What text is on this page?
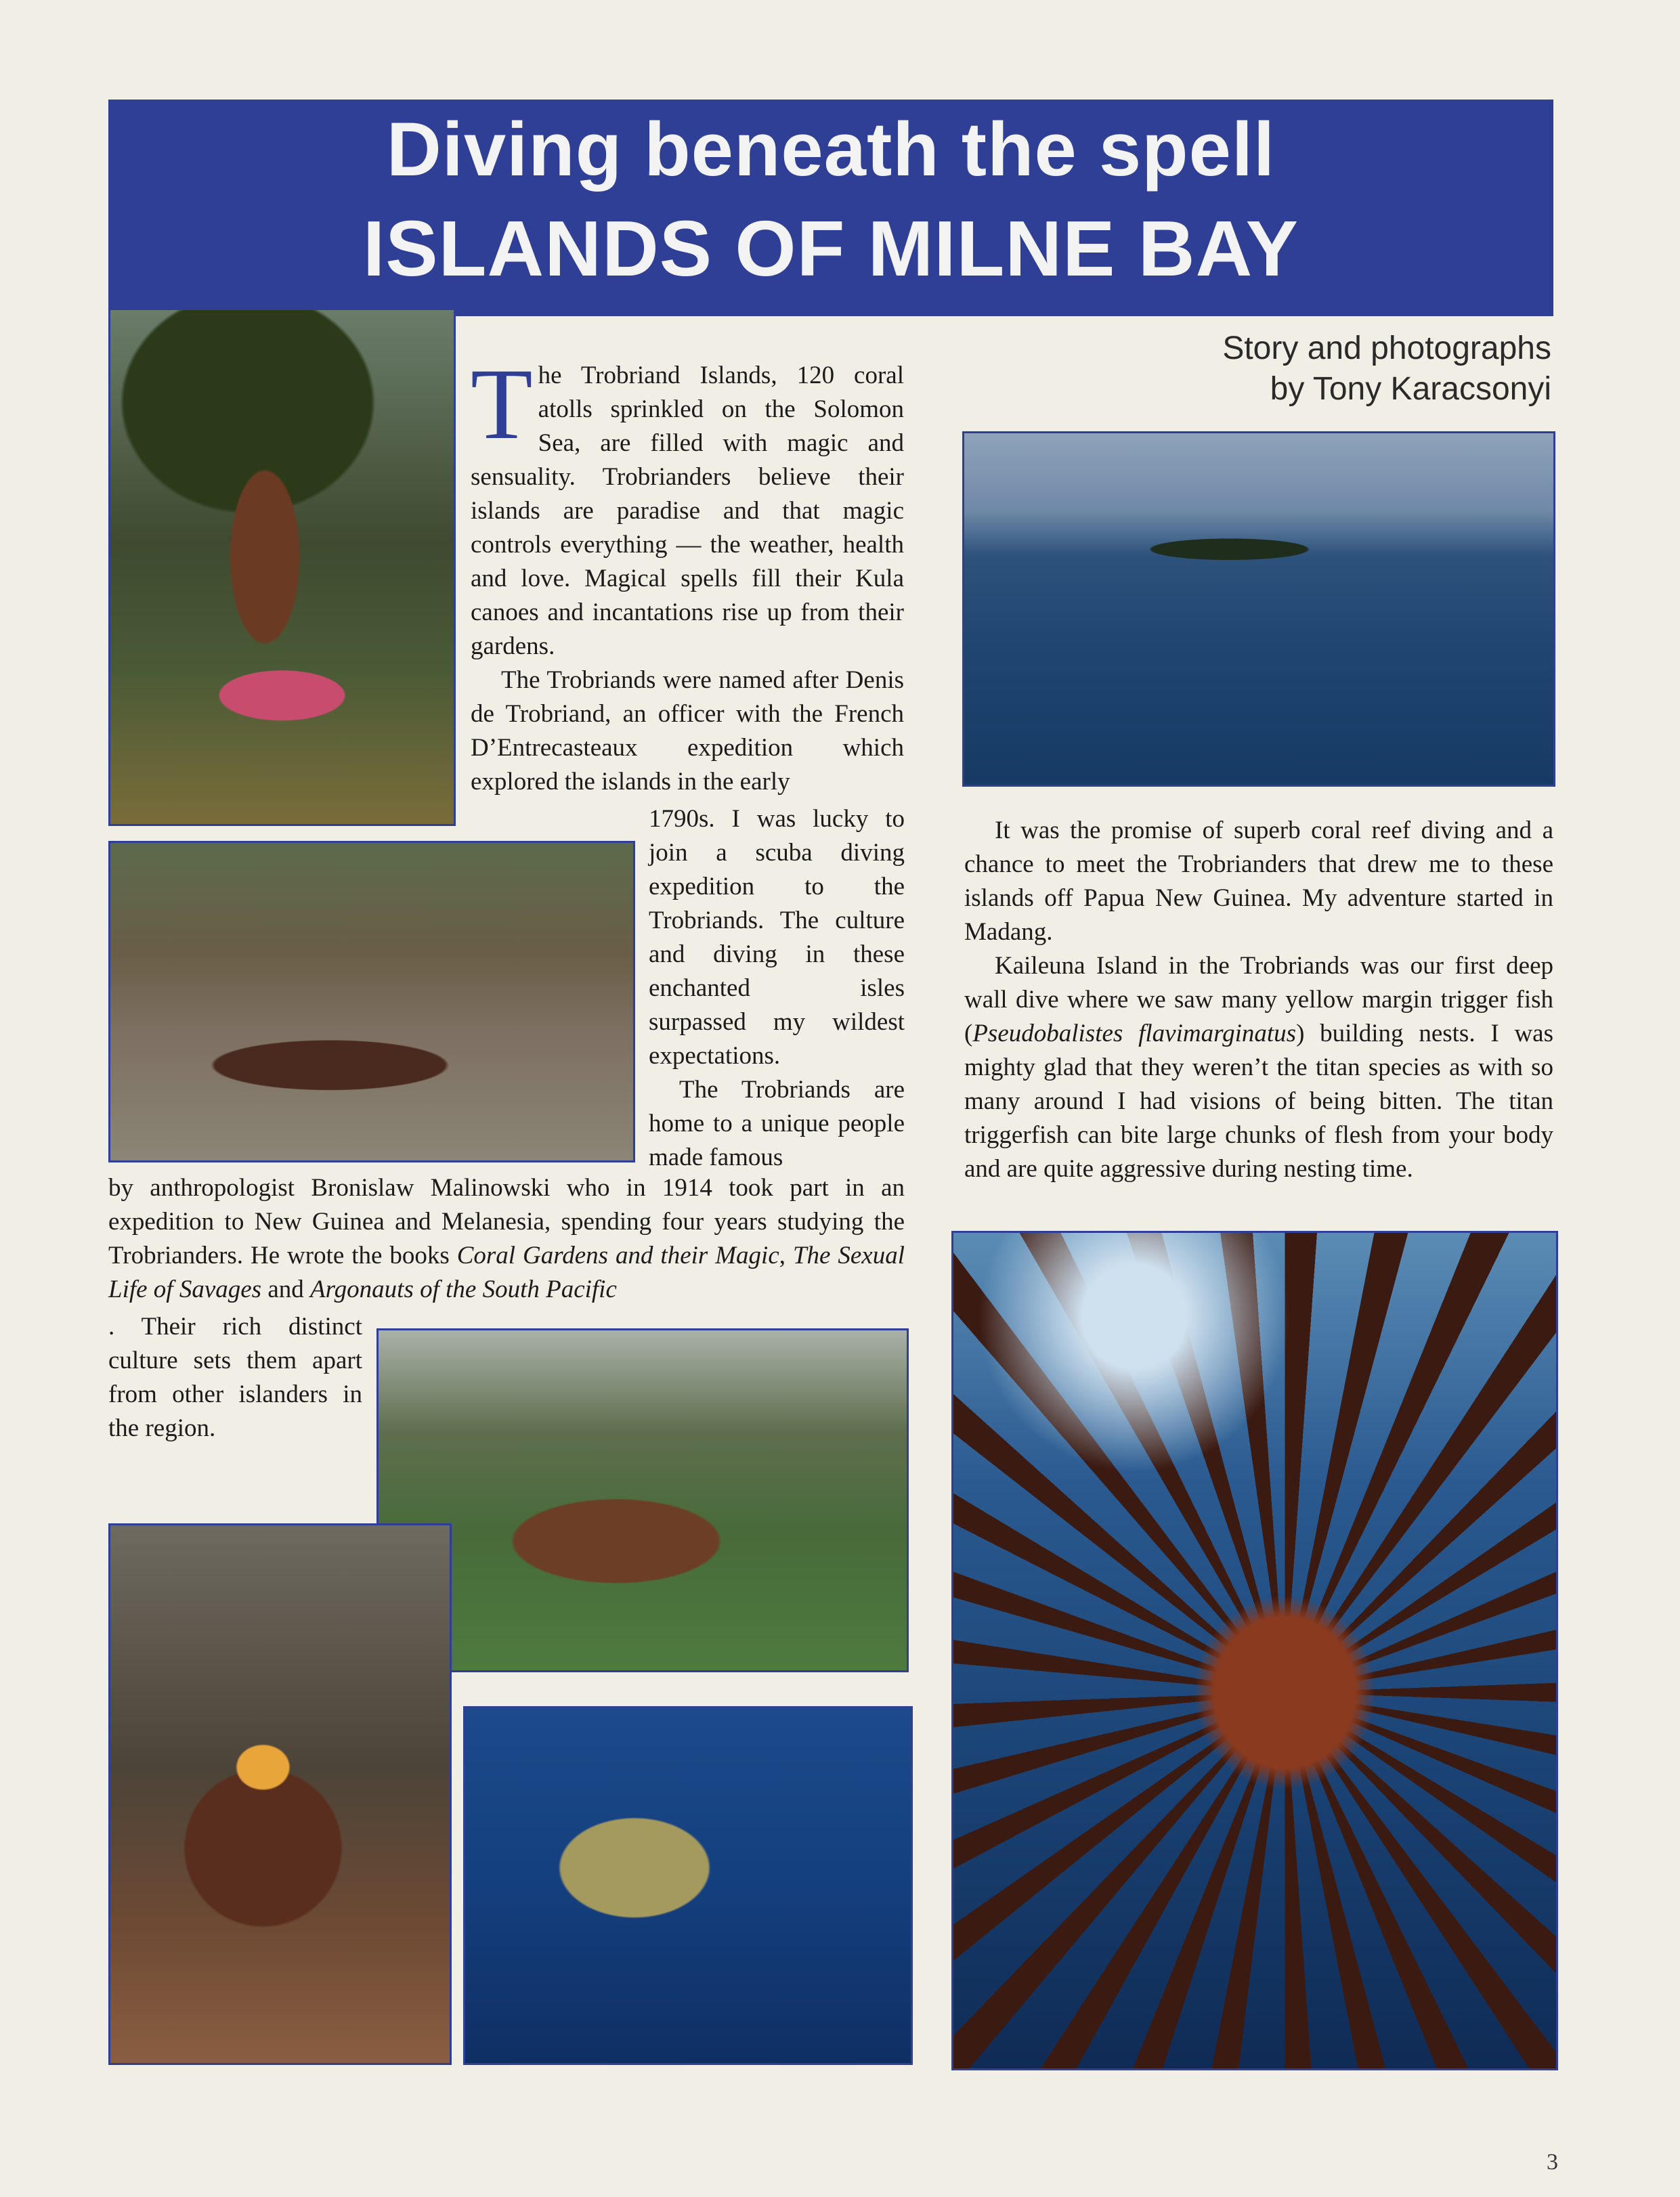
Diving beneath the spell
ISLANDS OF MILNE BAY
Story and photographs
by Tony Karacsonyi

The Trobriand Islands, 120 coral atolls sprinkled on the Solomon Sea, are filled with magic and sensuality. Trobrianders believe their islands are paradise and that magic controls everything — the weather, health and love. Magical spells fill their Kula canoes and incantations rise up from their gardens.

The Trobriands were named after Denis de Trobriand, an officer with the French D’Entrecasteaux expedition which explored the islands in the early

1790s. I was lucky to join a scuba diving expedition to the Trobriands. The culture and diving in these enchanted isles surpassed my wildest expectations.

The Trobriands are home to a unique people made famous

by anthropologist Bronislaw Malinowski who in 1914 took part in an expedition to New Guinea and Melanesia, spending four years studying the Trobrianders. He wrote the books Coral Gardens and their Magic, The Sexual Life of Savages and Argonauts of the South Pacific

. Their rich distinct culture sets them apart from other islanders in the region.

It was the promise of superb coral reef diving and a chance to meet the Trobrianders that drew me to these islands off Papua New Guinea. My adventure started in Madang.

Kaileuna Island in the Trobriands was our first deep wall dive where we saw many yellow margin trigger fish (Pseudobalistes flavimarginatus) building nests. I was mighty glad that they weren’t the titan species as with so many around I had visions of being bitten. The titan triggerfish can bite large chunks of flesh from your body and are quite aggressive during nesting time.

3
